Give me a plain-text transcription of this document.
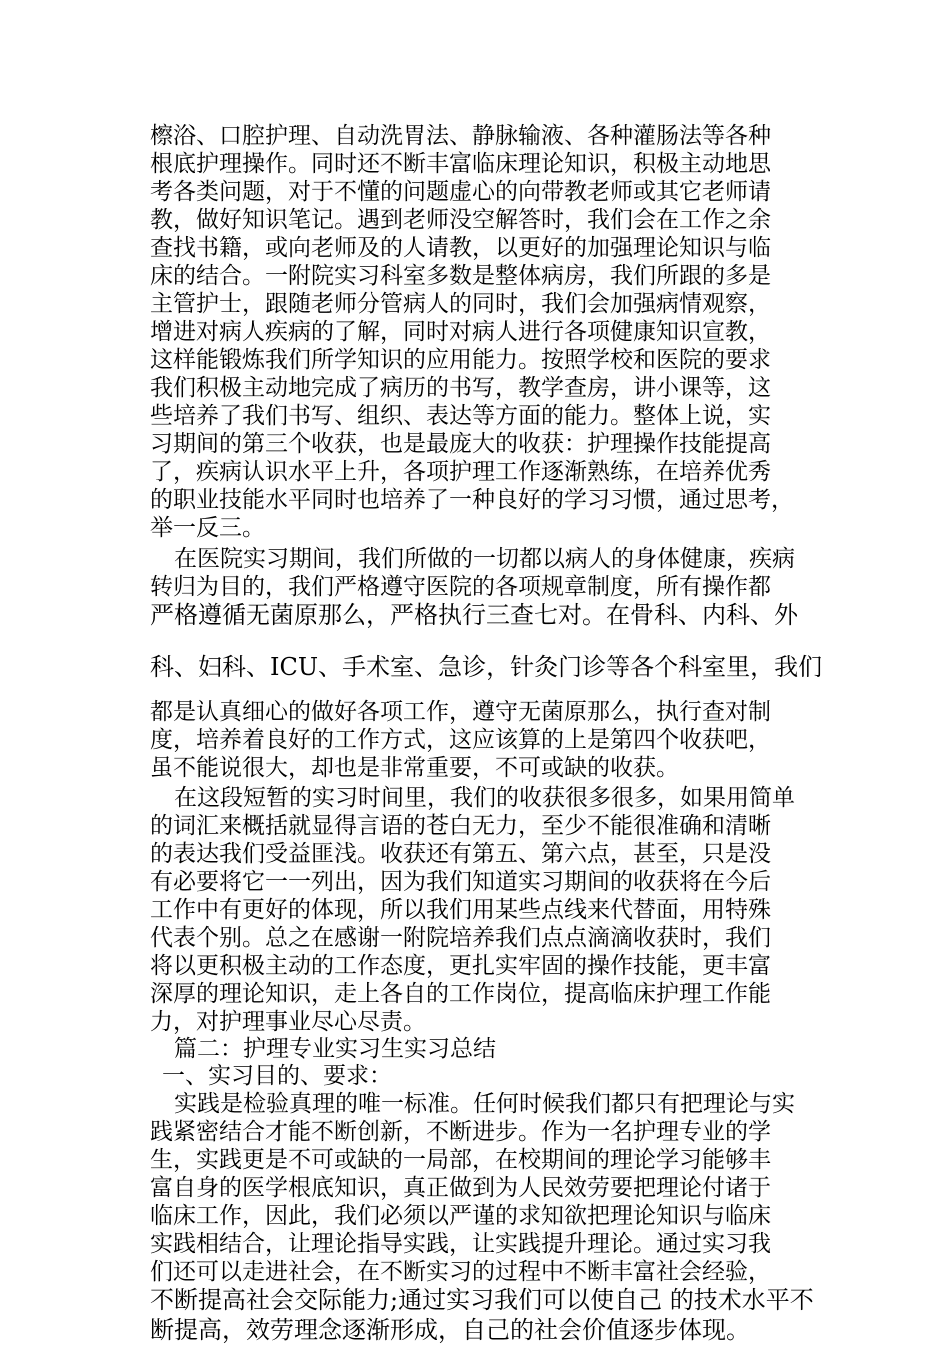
檫浴、口腔护理、自动洗胃法、静脉输液、各种灌肠法等各种
根底护理操作。同时还不断丰富临床理论知识，积极主动地思
考各类问题，对于不懂的问题虚心的向带教老师或其它老师请
教，做好知识笔记。遇到老师没空解答时，我们会在工作之余
查找书籍，或向老师及的人请教，以更好的加强理论知识与临
床的结合。一附院实习科室多数是整体病房，我们所跟的多是
主管护士，跟随老师分管病人的同时，我们会加强病情观察，
增进对病人疾病的了解，同时对病人进行各项健康知识宣教，
这样能锻炼我们所学知识的应用能力。按照学校和医院的要求
我们积极主动地完成了病历的书写，教学查房，讲小课等，这
些培养了我们书写、组织、表达等方面的能力。整体上说，实
习期间的第三个收获，也是最庞大的收获：护理操作技能提高
了，疾病认识水平上升，各项护理工作逐渐熟练，在培养优秀
的职业技能水平同时也培养了一种良好的学习习惯，通过思考，
举一反三。
在医院实习期间，我们所做的一切都以病人的身体健康，疾病
转归为目的，我们严格遵守医院的各项规章制度，所有操作都
严格遵循无菌原那么，严格执行三查七对。在骨科、内科、外
科、妇科、ICU、手术室、急诊，针灸门诊等各个科室里，我们
都是认真细心的做好各项工作，遵守无菌原那么，执行查对制
度，培养着良好的工作方式，这应该算的上是第四个收获吧，
虽不能说很大，却也是非常重要，不可或缺的收获。
在这段短暂的实习时间里，我们的收获很多很多，如果用简单
的词汇来概括就显得言语的苍白无力，至少不能很准确和清晰
的表达我们受益匪浅。收获还有第五、第六点，甚至，只是没
有必要将它一一列出，因为我们知道实习期间的收获将在今后
工作中有更好的体现，所以我们用某些点线来代替面，用特殊
代表个别。总之在感谢一附院培养我们点点滴滴收获时，我们
将以更积极主动的工作态度，更扎实牢固的操作技能，更丰富
深厚的理论知识，走上各自的工作岗位，提高临床护理工作能
力，对护理事业尽心尽责。
篇二：护理专业实习生实习总结
一、实习目的、要求：
实践是检验真理的唯一标准。任何时候我们都只有把理论与实
践紧密结合才能不断创新，不断进步。作为一名护理专业的学
生，实践更是不可或缺的一局部，在校期间的理论学习能够丰
富自身的医学根底知识，真正做到为人民效劳要把理论付诸于
临床工作，因此，我们必须以严谨的求知欲把理论知识与临床
实践相结合，让理论指导实践，让实践提升理论。通过实习我
们还可以走进社会，在不断实习的过程中不断丰富社会经验，
不断提高社会交际能力;通过实习我们可以使自己 的技术水平不
断提高，效劳理念逐渐形成，自己的社会价值逐步体现。
